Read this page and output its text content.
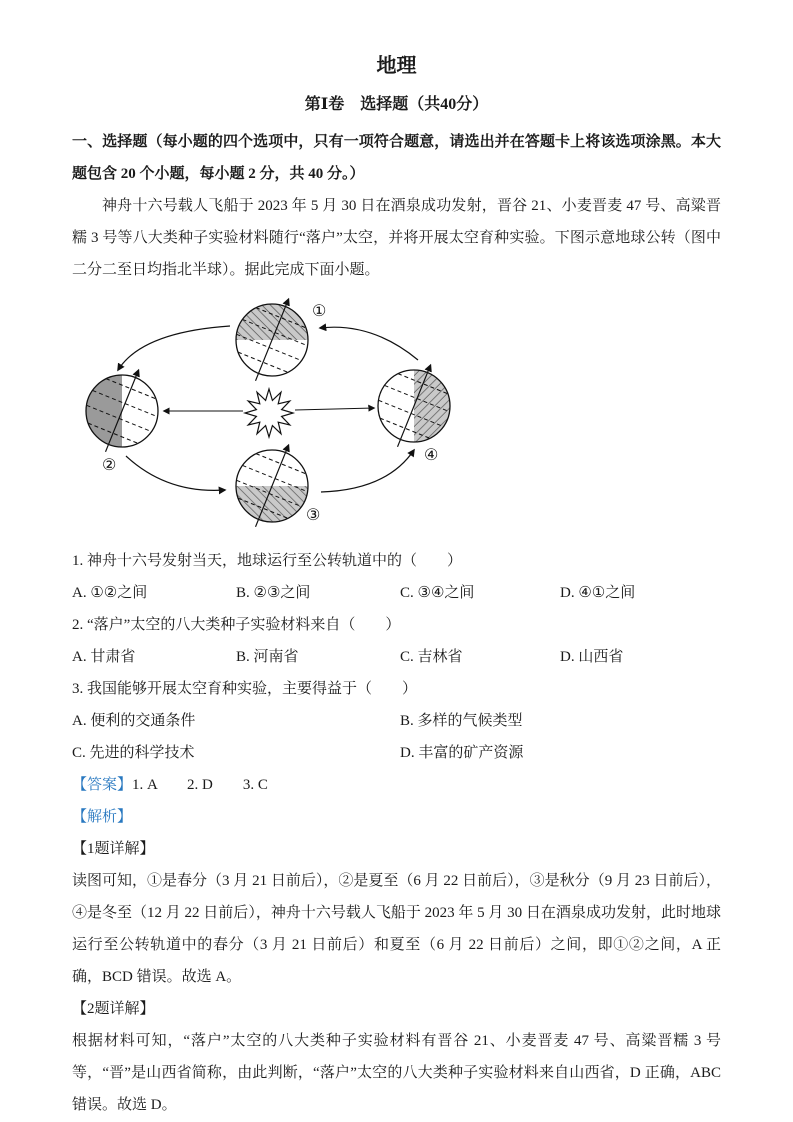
地理
第Ⅰ卷　选择题（共40分）

一、选择题（每小题的四个选项中，只有一项符合题意，请选出并在答题卡上将该选项涂黑。本大题包含 20 个小题，每小题 2 分，共 40 分。）

神舟十六号载人飞船于 2023 年 5 月 30 日在酒泉成功发射，晋谷 21、小麦晋麦 47 号、高粱晋糯 3 号等八大类种子实验材料随行“落户”太空，并将开展太空育种实验。下图示意地球公转（图中二分二至日均指北半球）。据此完成下面小题。

①
②
③
④

1. 神舟十六号发射当天，地球运行至公转轨道中的（　　）

A. ①②之间	B. ②③之间	C. ③④之间	D. ④①之间

2. “落户”太空的八大类种子实验材料来自（　　）

A. 甘肃省	B. 河南省	C. 吉林省	D. 山西省

3. 我国能够开展太空育种实验，主要得益于（　　）

A. 便利的交通条件	B. 多样的气候类型
C. 先进的科学技术	D. 丰富的矿产资源

【答案】1. A　　2. D　　3. C

【解析】

【1题详解】

读图可知，①是春分（3 月 21 日前后），②是夏至（6 月 22 日前后），③是秋分（9 月 23 日前后），④是冬至（12 月 22 日前后），神舟十六号载人飞船于 2023 年 5 月 30 日在酒泉成功发射，此时地球运行至公转轨道中的春分（3 月 21 日前后）和夏至（6 月 22 日前后）之间，即①②之间，A 正确，BCD 错误。故选 A。

【2题详解】

根据材料可知，“落户”太空的八大类种子实验材料有晋谷 21、小麦晋麦 47 号、高粱晋糯 3 号等，“晋”是山西省简称，由此判断，“落户”太空的八大类种子实验材料来自山西省，D 正确，ABC 错误。故选 D。
